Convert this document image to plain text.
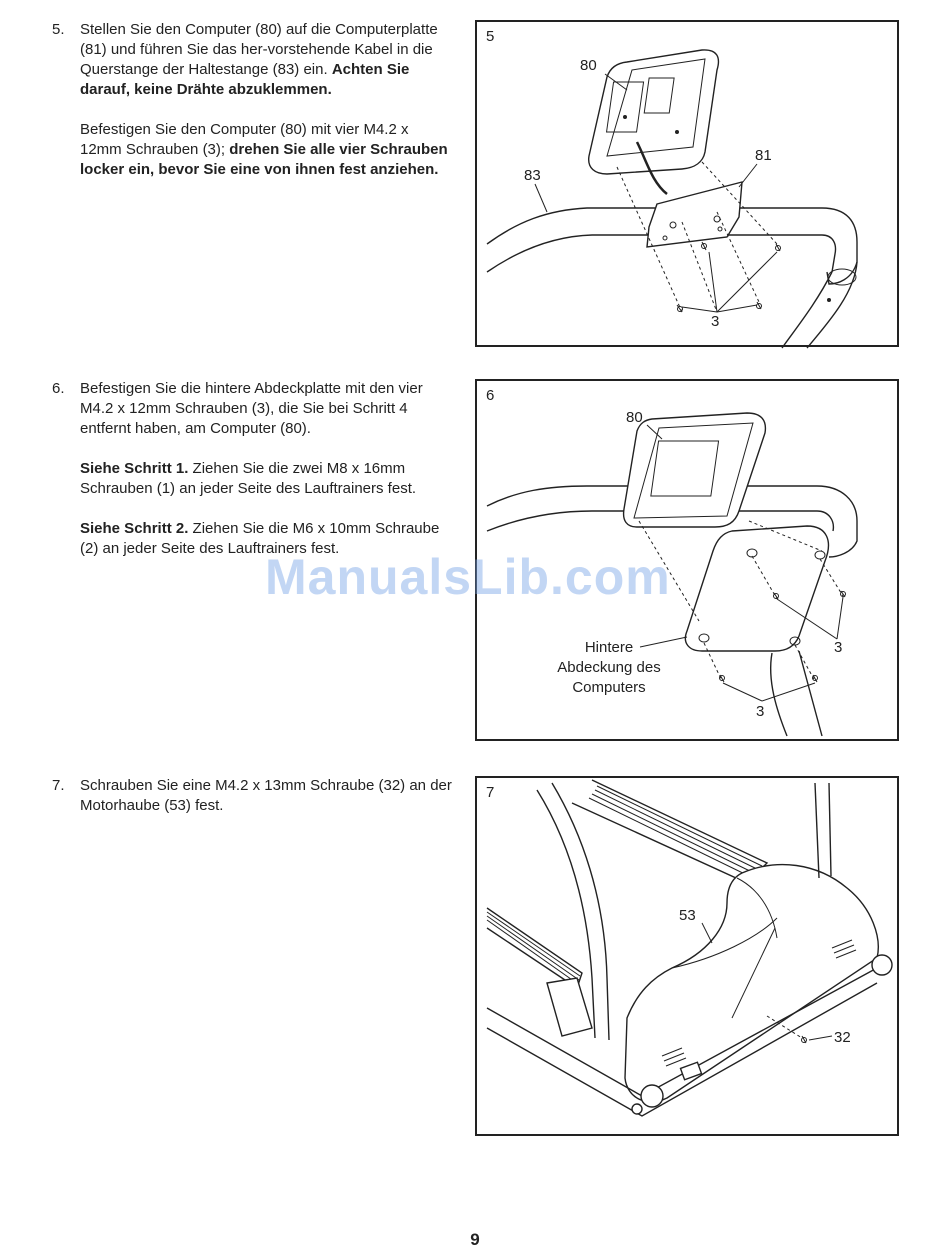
5. Stellen Sie den Computer (80) auf die Computerplatte (81) und führen Sie das her-vorstehende Kabel in die Querstange der Haltestange (83) ein. Achten Sie darauf, keine Drähte abzuklemmen.

Befestigen Sie den Computer (80) mit vier M4.2 x 12mm Schrauben (3); drehen Sie alle vier Schrauben locker ein, bevor Sie eine von ihnen fest anziehen.

6. Befestigen Sie die hintere Abdeckplatte mit den vier M4.2 x 12mm Schrauben (3), die Sie bei Schritt 4 entfernt haben, am Computer (80).

Siehe Schritt 1. Ziehen Sie die zwei M8 x 16mm Schrauben (1) an jeder Seite des Lauftrainers fest.

Siehe Schritt 2. Ziehen Sie die M6 x 10mm Schraube (2) an jeder Seite des Lauftrainers fest.

7. Schrauben Sie eine M4.2 x 13mm Schraube (32) an der Motorhaube (53) fest.

5
80
81
83
3
6
80
3
3
Hintere
Abdeckung des
Computers
7
53
32
ManualsLib.com
9
